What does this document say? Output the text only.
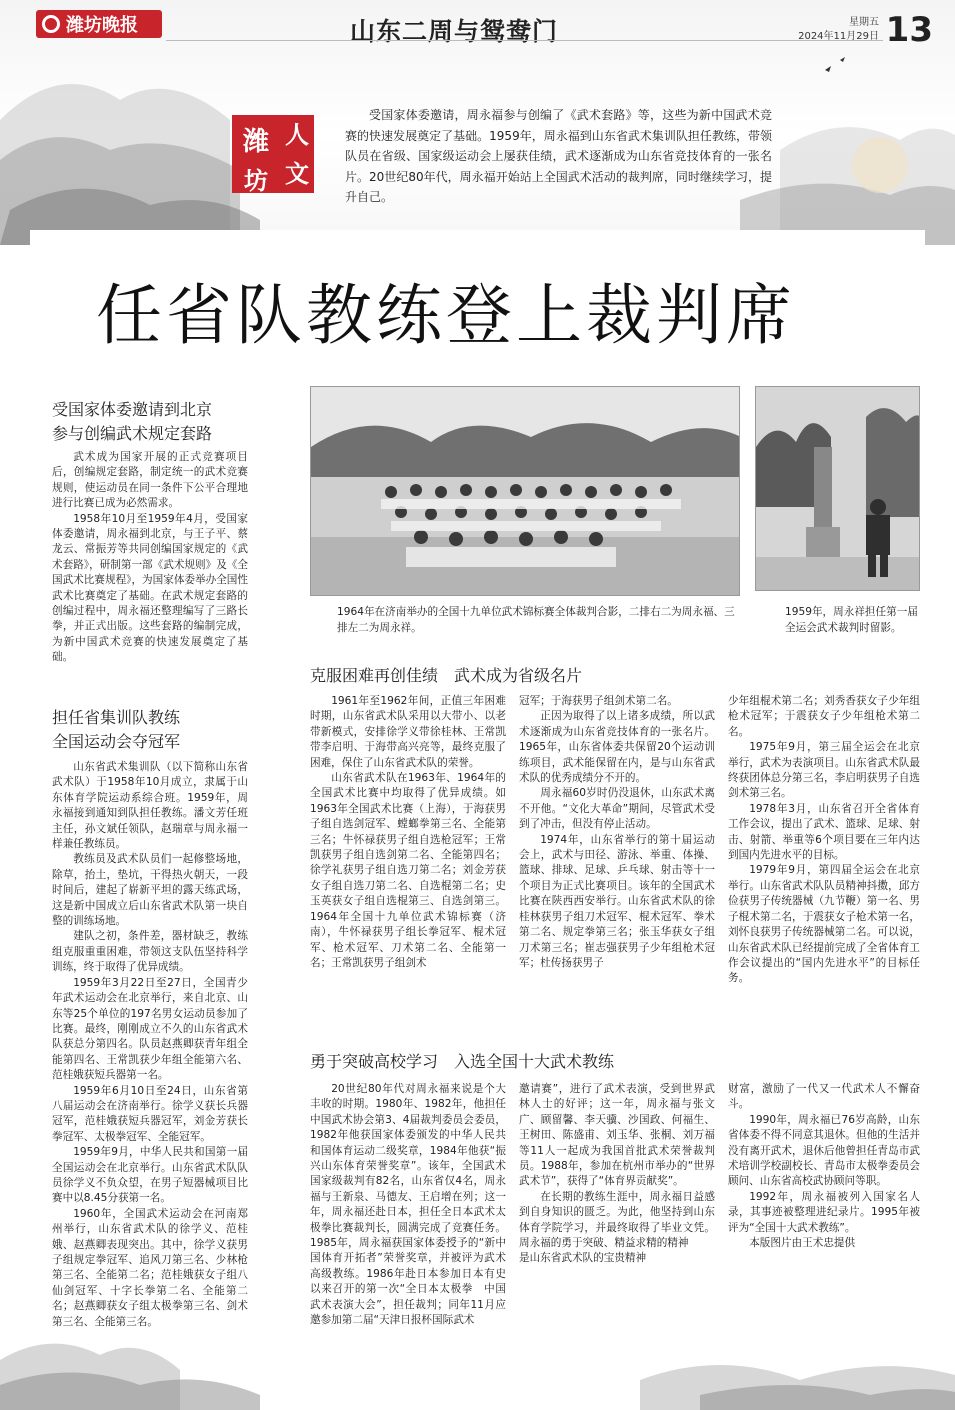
潍坊晚报	山东二周与鸳鸯门	星期五
2024年11月29日 13
潍 人
文
坊
受国家体委邀请，周永福参与创编了《武术套路》等，这些为新中国武术竞赛的快速发展奠定了基础。1959年，周永福到山东省武术集训队担任教练，带领队员在省级、国家级运动会上屡获佳绩，武术逐渐成为山东省竞技体育的一张名片。20世纪80年代，周永福开始站上全国武术活动的裁判席，同时继续学习，提升自己。
任省队教练登上裁判席
受国家体委邀请到北京
参与创编武术规定套路

武术成为国家开展的正式竞赛项目后，创编规定套路，制定统一的武术竞赛规则，使运动员在同一条件下公平合理地进行比赛已成为必然需求。

1958年10月至1959年4月，受国家体委邀请，周永福到北京，与王子平、蔡龙云、常振芳等共同创编国家规定的《武术套路》，研制第一部《武术规则》及《全国武术比赛规程》，为国家体委举办全国性武术比赛奠定了基础。在武术规定套路的创编过程中，周永福还整理编写了三路长拳，并正式出版。这些套路的编制完成，为新中国武术竞赛的快速发展奠定了基础。

担任省集训队教练
全国运动会夺冠军

山东省武术集训队（以下简称山东省武术队）于1958年10月成立，隶属于山东体育学院运动系综合班。1959年，周永福接到通知到队担任教练。潘文芳任班主任，孙文斌任领队，赵瑞章与周永福一样兼任教练员。

教练员及武术队员们一起修整场地，除草，抬土，垫坑，干得热火朝天，一段时间后，建起了崭新平坦的露天练武场，这是新中国成立后山东省武术队第一块自整的训练场地。

建队之初，条件差，器材缺乏，教练组克服重重困难，带领这支队伍坚持科学训练，终于取得了优异成绩。

1959年3月22日至27日，全国青少年武术运动会在北京举行，来自北京、山东等25个单位的197名男女运动员参加了比赛。最终，刚刚成立不久的山东省武术队获总分第四名。队员赵燕卿获青年组全能第四名、王常凯获少年组全能第六名、范桂娥获短兵器第一名。

1959年6月10日至24日，山东省第八届运动会在济南举行。徐学义获长兵器冠军，范桂娥获短兵器冠军，刘金芳获长拳冠军、太极拳冠军、全能冠军。

1959年9月，中华人民共和国第一届全国运动会在北京举行。山东省武术队队员徐学义不负众望，在男子短器械项目比赛中以8.45分获第一名。

1960年，全国武术运动会在河南郑州举行，山东省武术队的徐学义、范桂娥、赵燕卿表现突出。其中，徐学义获男子组规定拳冠军、追风刀第三名、少林枪第三名、全能第二名；范桂娥获女子组八仙剑冠军、十字长拳第二名、全能第二名；赵燕卿获女子组太极拳第三名、剑术第三名、全能第三名。

1964年在济南举办的全国十九单位武术锦标赛全体裁判合影，二排右二为周永福、三排左二为周永祥。
1959年，周永祥担任第一届全运会武术裁判时留影。
克服困难再创佳绩　武术成为省级名片

1961年至1962年间，正值三年困难时期，山东省武术队采用以大带小、以老带新模式，安排徐学义带徐桂林、王常凯带李启明、于海带高兴亮等，最终克服了困难，保住了山东省武术队的荣誉。

山东省武术队在1963年、1964年的全国武术比赛中均取得了优异成绩。如1963年全国武术比赛（上海），于海获男子组自选剑冠军、螳螂拳第三名、全能第三名；牛怀禄获男子组自选枪冠军；王常凯获男子组自选剑第二名、全能第四名；徐学礼获男子组自选刀第二名；刘金芳获女子组自选刀第二名、自选棍第二名；史玉英获女子组自选棍第三、自选剑第三。1964年全国十九单位武术锦标赛（济南），牛怀禄获男子组长拳冠军、棍术冠军、枪术冠军、刀术第二名、全能第一名；王常凯获男子组剑术

冠军；于海获男子组剑术第二名。

正因为取得了以上诸多成绩，所以武术逐渐成为山东省竞技体育的一张名片。1965年，山东省体委共保留20个运动训练项目，武术能保留在内，是与山东省武术队的优秀成绩分不开的。

周永福60岁时仍没退休，山东武术离不开他。“文化大革命”期间，尽管武术受到了冲击，但没有停止活动。

1974年，山东省举行的第十届运动会上，武术与田径、游泳、举重、体操、篮球、排球、足球、乒乓球、射击等十一个项目为正式比赛项目。该年的全国武术比赛在陕西西安举行。山东省武术队的徐桂林获男子组刀术冠军、棍术冠军、拳术第二名、规定拳第三名；张玉华获女子组刀术第三名；崔志强获男子少年组枪术冠军；杜传扬获男子

少年组棍术第二名；刘秀香获女子少年组枪术冠军；于震获女子少年组枪术第二名。

1975年9月，第三届全运会在北京举行，武术为表演项目。山东省武术队最终获团体总分第三名，李启明获男子自选剑术第三名。

1978年3月，山东省召开全省体育工作会议，提出了武术、篮球、足球、射击、射箭、举重等6个项目要在三年内达到国内先进水平的目标。

1979年9月，第四届全运会在北京举行。山东省武术队队员精神抖擞，邱方俭获男子传统器械（九节鞭）第一名、男子棍术第二名，于震获女子枪术第一名，刘怀良获男子传统器械第二名。可以说，山东省武术队已经提前完成了全省体育工作会议提出的“国内先进水平”的目标任务。

勇于突破高校学习　入选全国十大武术教练

20世纪80年代对周永福来说是个大丰收的时期。1980年、1982年，他担任中国武术协会第3、4届裁判委员会委员，1982年他获国家体委颁发的中华人民共和国体育运动二级奖章，1984年他获“振兴山东体育荣誉奖章”。该年，全国武术国家级裁判有82名，山东省仅4名，周永福与王新泉、马德友、王启增在列；这一年，周永福还赴日本，担任全日本武术太极拳比赛裁判长，圆满完成了竞赛任务。1985年，周永福获国家体委授予的“新中国体育开拓者”荣誉奖章，并被评为武术高级教练。1986年赴日本参加日本有史以来召开的第一次“全日本太极拳　中国武术表演大会”，担任裁判；同年11月应邀参加第二届“天津日报杯国际武术

邀请赛”，进行了武术表演，受到世界武林人士的好评；这一年，周永福与张文广、顾留馨、李天骥、沙国政、何福生、王树田、陈盛甫、刘玉华、张桐、刘万福等11人一起成为我国首批武术荣誉裁判员。1988年，参加在杭州市举办的“世界武术节”，获得了“体育界贡献奖”。

在长期的教练生涯中，周永福日益感到自身知识的匮乏。为此，他坚持到山东体育学院学习，并最终取得了毕业文凭。周永福的勇于突破、精益求精的精神

是山东省武术队的宝贵精神

财富，激励了一代又一代武术人不懈奋斗。

1990年，周永福已76岁高龄，山东省体委不得不同意其退休。但他的生活并没有离开武术，退休后他曾担任青岛市武术培训学校副校长、青岛市太极拳委员会顾问、山东省高校武协顾问等职。

1992年，周永福被列入国家名人录，其事迹被整理进纪录片。1995年被评为“全国十大武术教练”。

本版图片由王术忠提供
